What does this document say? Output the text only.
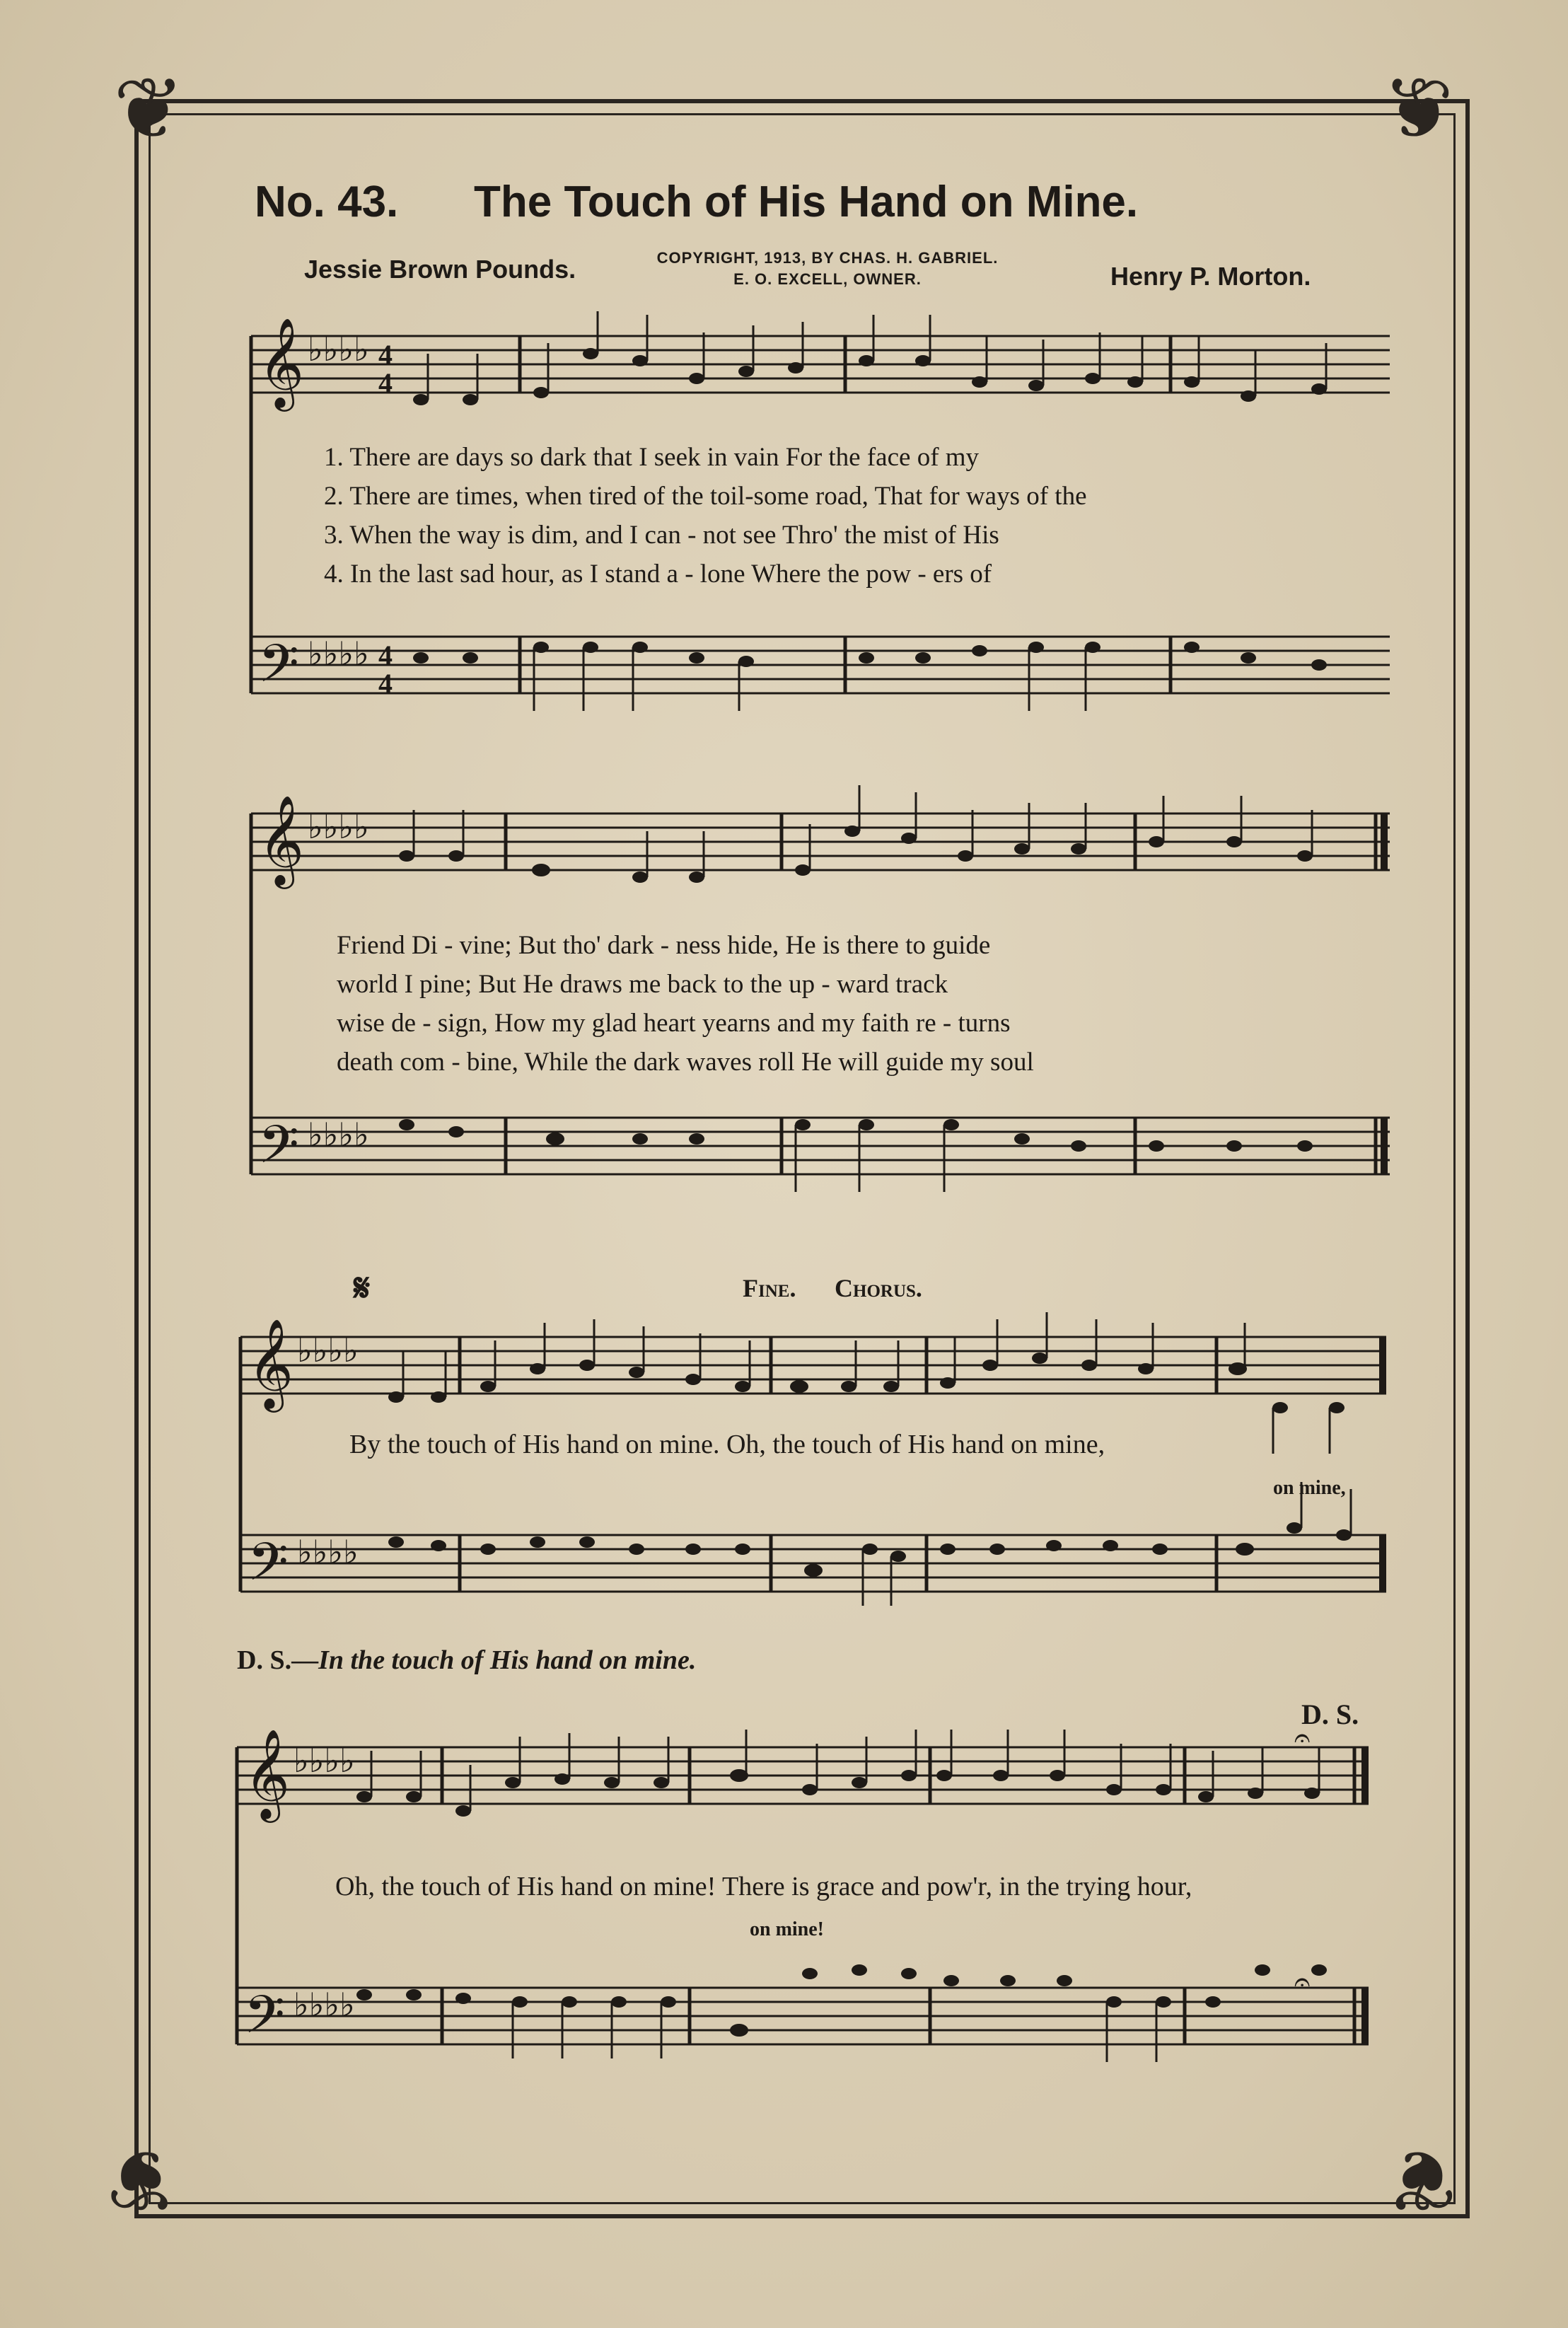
❦	❦
❦	❦
No. 43. The Touch of His Hand on Mine.
Jessie Brown Pounds.	COPYRIGHT, 1913, BY CHAS. H. GABRIEL.
E. O. EXCELL, OWNER.	Henry P. Morton.
𝄞
𝄢
♭♭♭♭
♭♭♭♭
4
4
4
4
1. There are days so dark that I seek in vain For the face of my
2. There are times, when tired of the toil-some road, That for ways of the
3. When the way is dim, and I can - not see Thro' the mist of His
4. In the last sad hour, as I stand a - lone Where the pow - ers of
𝄞
𝄢
♭♭♭♭
♭♭♭♭
Friend Di - vine; But tho' dark - ness hide, He is there to guide
world I pine; But He draws me back to the up - ward track
wise de - sign, How my glad heart yearns and my faith re - turns
death com - bine, While the dark waves roll He will guide my soul
𝄋	Fine. Chorus.
𝄞
𝄢
♭♭♭♭
♭♭♭♭
By the touch of His hand on mine. Oh, the touch of His hand on mine,
on mine,
D. S.—In the touch of His hand on mine.
D. S.
𝄞
𝄢
♭♭♭♭
♭♭♭♭
𝄐
𝄐
Oh, the touch of His hand on mine! There is grace and pow'r, in the trying hour,
on mine!
